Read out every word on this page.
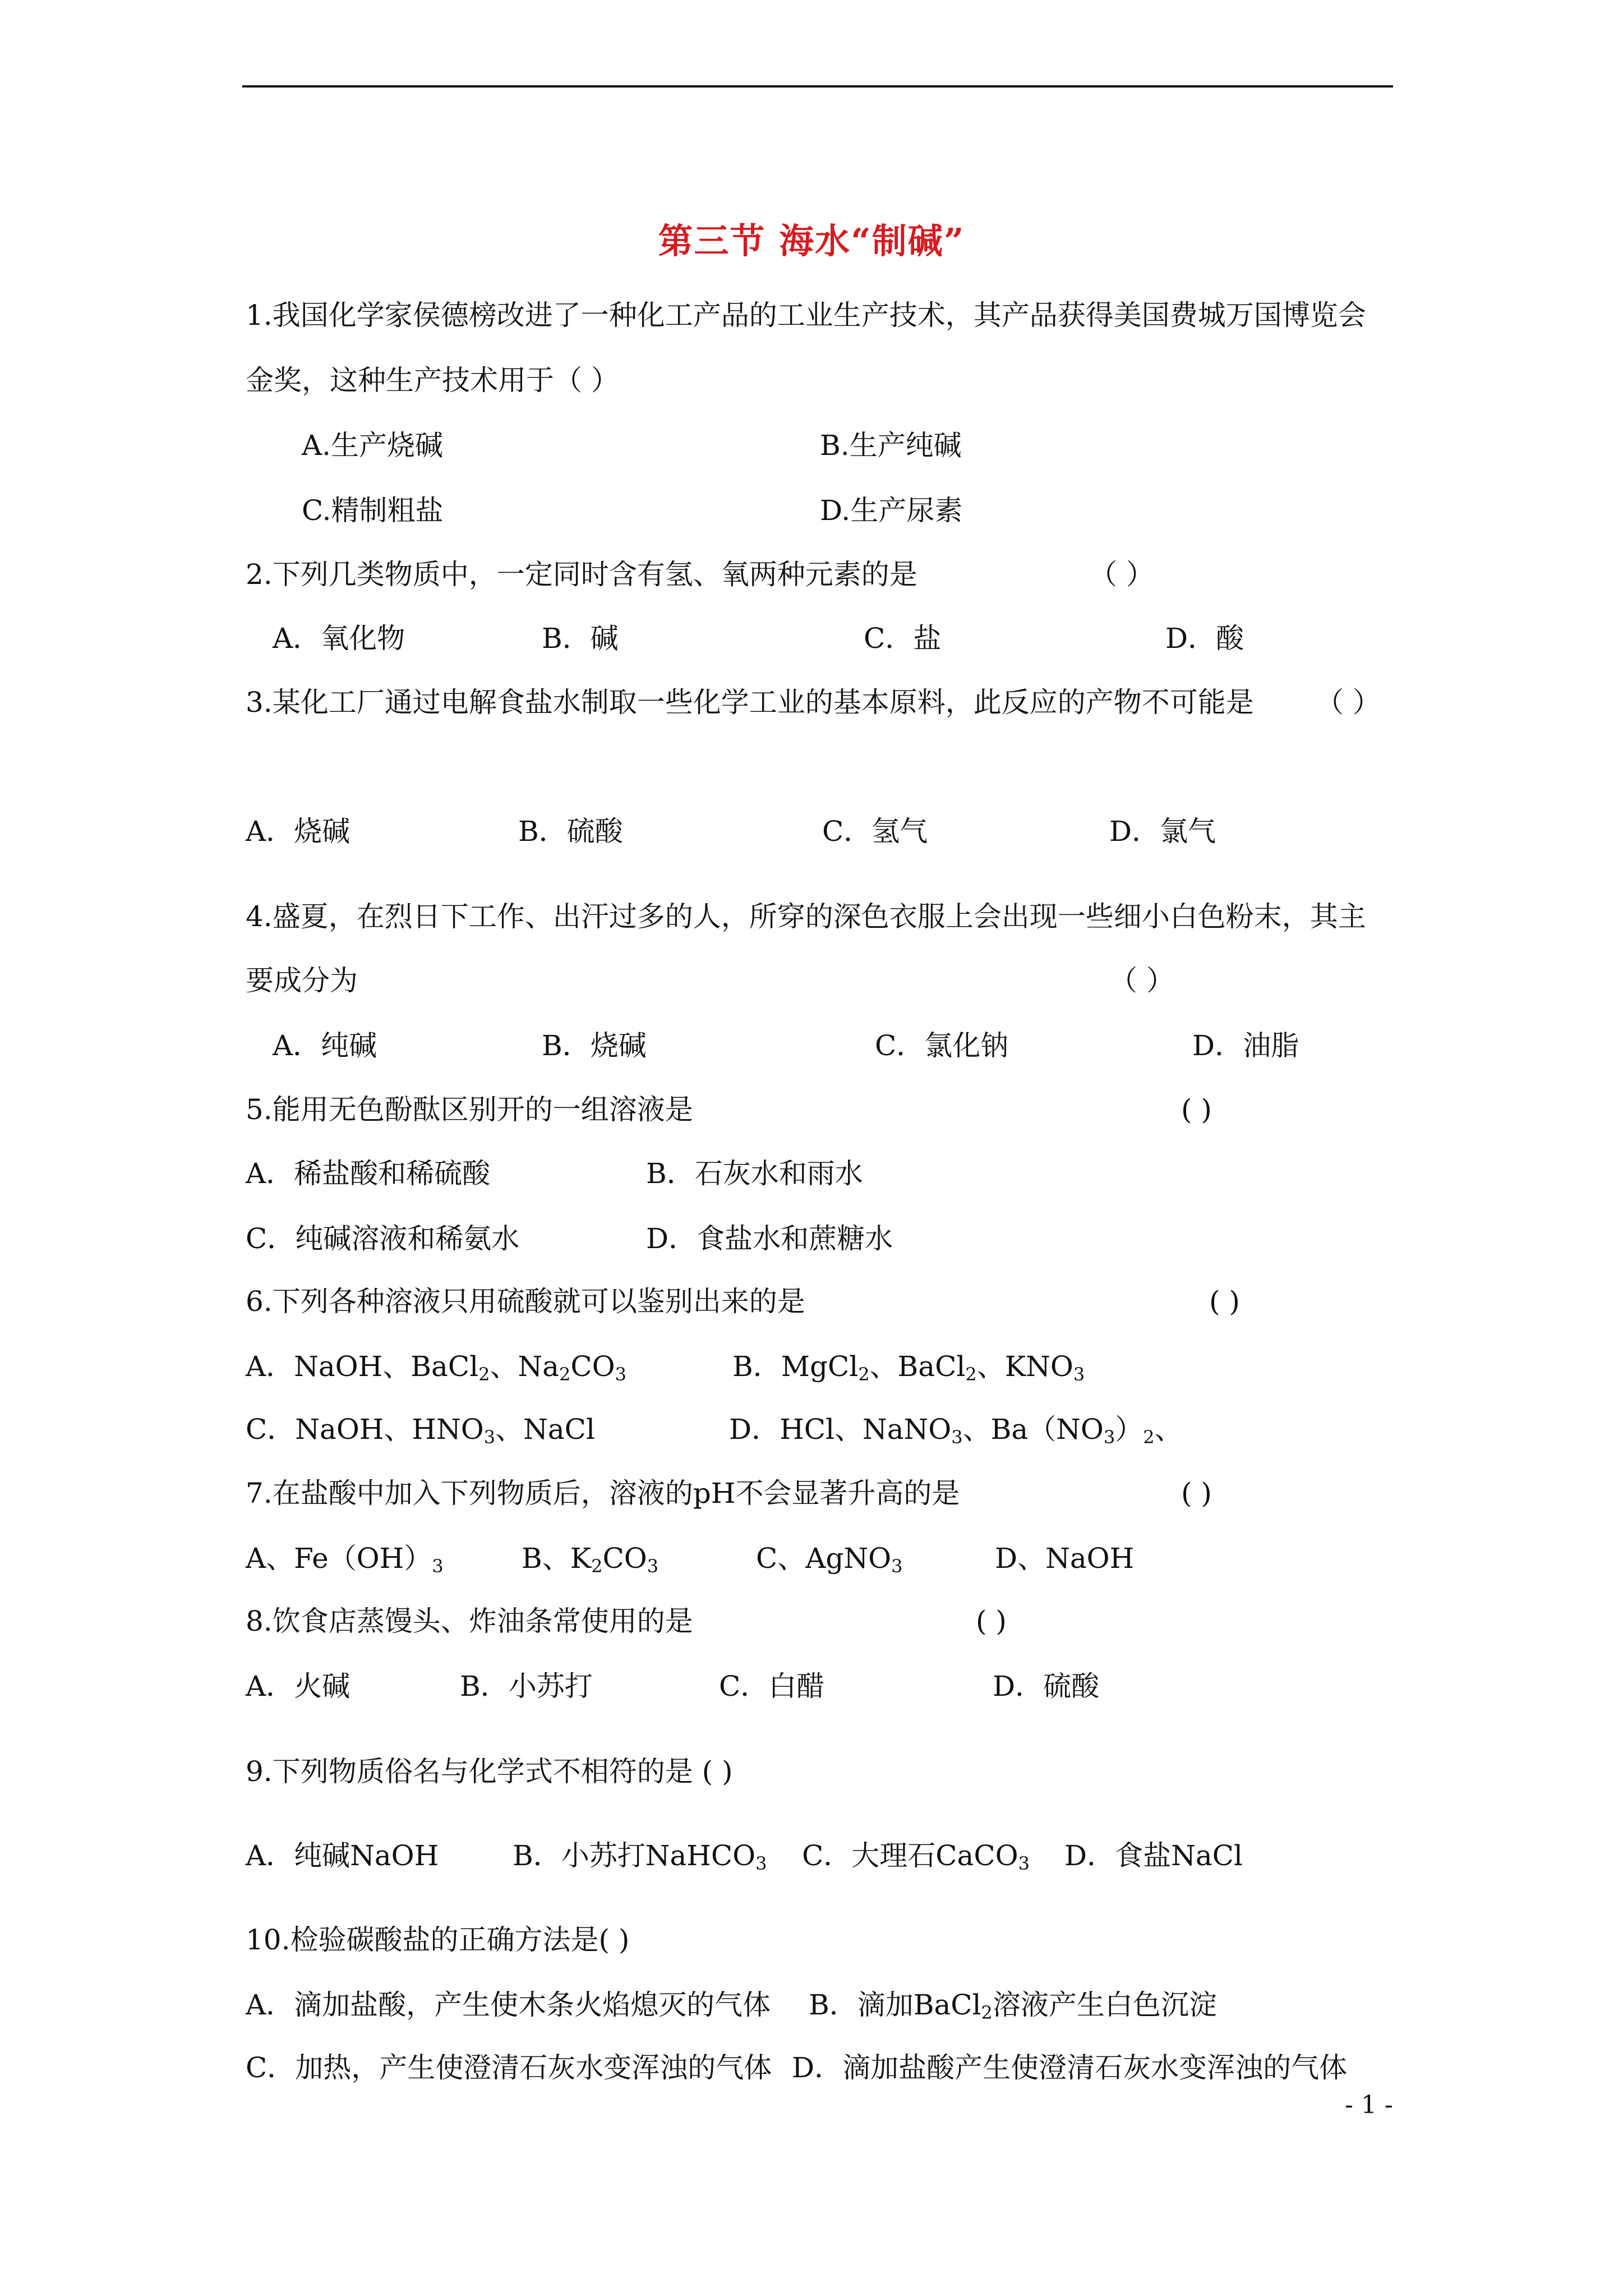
第三节 海水“制碱”
1.我国化学家侯德榜改进了一种化工产品的工业生产技术，其产品获得美国费城万国博览会
金奖，这种生产技术用于（ ）
A.生产烧碱	B.生产纯碱
C.精制粗盐	D.生产尿素
2.下列几类物质中，一定同时含有氢、氧两种元素的是	（ ）
A．氧化物	B．碱	C．盐	D．酸
3.某化工厂通过电解食盐水制取一些化学工业的基本原料，此反应的产物不可能是 （ ）
A．烧碱	B．硫酸	C．氢气	D．氯气
4.盛夏，在烈日下工作、出汗过多的人，所穿的深色衣服上会出现一些细小白色粉末，其主
要成分为	（ ）
A．纯碱	B．烧碱	C．氯化钠	D．油脂
5.能用无色酚酞区别开的一组溶液是	( )
A．稀盐酸和稀硫酸	B．石灰水和雨水
C．纯碱溶液和稀氨水	D．食盐水和蔗糖水
6.下列各种溶液只用硫酸就可以鉴别出来的是	( )
A．NaOH、BaCl$_2$、$Na_2CO_3$	B．MgCl$_2$、BaCl$_2$、$KNO_3$
C．NaOH、$HNO_3$、NaCl	D．HCl、NaNO$_3$、$Ba(NO_3)_2$、
7.在盐酸中加入下列物质后，溶液的pH不会显著升高的是	( )
A、$Fe(OH)_3$	B、$K_2CO_3$	C、AgNO$_3$	D、NaOH
8.饮食店蒸馒头、炸油条常使用的是	( )
A．火碱	B．小苏打	C．白醋	D．硫酸
9.下列物质俗名与化学式不相符的是 ( )
A．纯碱NaOH	B．小苏打NaHCO$_3$ C．大理石CaCO$_3$ D．食盐NaCl
10.检验碳酸盐的正确方法是( )
A．滴加盐酸，产生使木条火焰熄灭的气体 B．滴加BaCl$_2$溶液产生白色沉淀
C．加热，产生使澄清石灰水变浑浊的气体 D．滴加盐酸产生使澄清石灰水变浑浊的气体
- 1 -
